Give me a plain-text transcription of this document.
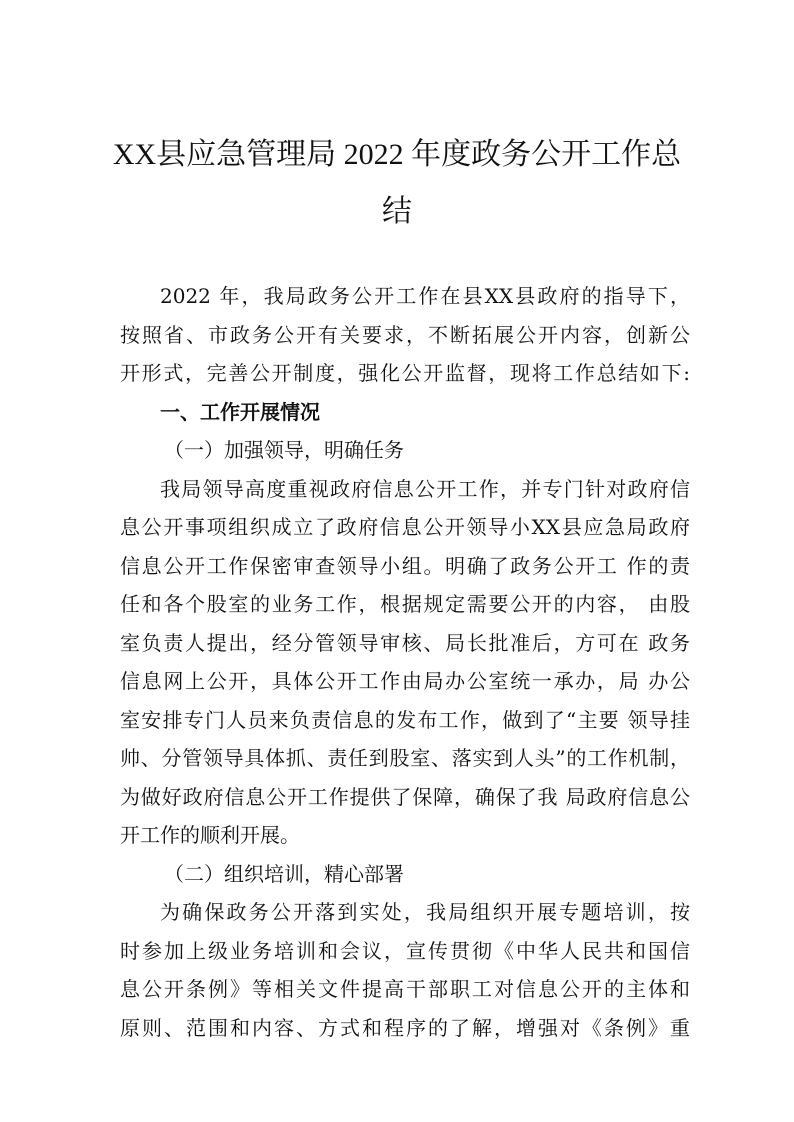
XX县应急管理局 2022 年度政务公开工作总
结
2022 年，我局政务公开工作在县XX县政府的指导下，
按照省、市政务公开有关要求，不断拓展公开内容，创新公
开形式，完善公开制度，强化公开监督，现将工作总结如下:
一、工作开展情况
（一）加强领导，明确任务
我局领导高度重视政府信息公开工作，并专门针对政府信
息公开事项组织成立了政府信息公开领导小XX县应急局政府
信息公开工作保密审查领导小组。明确了政务公开工 作的责
任和各个股室的业务工作，根据规定需要公开的内容， 由股
室负责人提出，经分管领导审核、局长批准后，方可在 政务
信息网上公开，具体公开工作由局办公室统一承办，局 办公
室安排专门人员来负责信息的发布工作，做到了“主要 领导挂
帅、分管领导具体抓、责任到股室、落实到人头”的工作机制，
为做好政府信息公开工作提供了保障，确保了我 局政府信息公
开工作的顺利开展。
（二）组织培训，精心部署
为确保政务公开落到实处，我局组织开展专题培训，按
时参加上级业务培训和会议，宣传贯彻《中华人民共和国信
息公开条例》等相关文件提高干部职工对信息公开的主体和
原则、范围和内容、方式和程序的了解，增强对《条例》重
